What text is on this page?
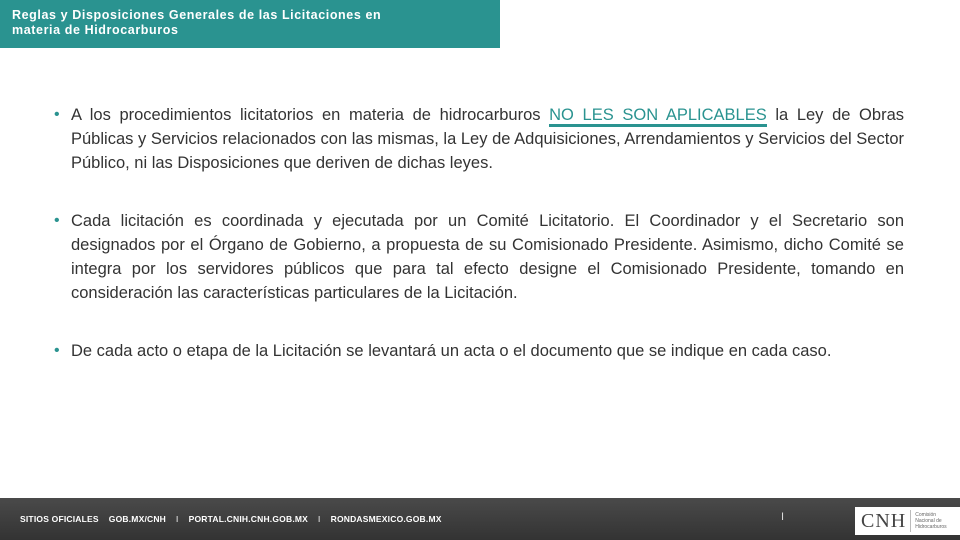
Reglas y Disposiciones Generales de las Licitaciones en
materia de Hidrocarburos
• A los procedimientos licitatorios en materia de hidrocarburos NO LES SON APLICABLES la Ley de Obras Públicas y Servicios relacionados con las mismas, la Ley de Adquisiciones, Arrendamientos y Servicios del Sector Público, ni las Disposiciones que deriven de dichas leyes.
• Cada licitación es coordinada y ejecutada por un Comité Licitatorio. El Coordinador y el Secretario son designados por el Órgano de Gobierno, a propuesta de su Comisionado Presidente. Asimismo, dicho Comité se integra por los servidores públicos que para tal efecto designe el Comisionado Presidente, tomando en consideración las características particulares de la Licitación.
• De cada acto o etapa de la Licitación se levantará un acta o el documento que se indique en cada caso.
SITIOS OFICIALES GOB.MX/CNH I PORTAL.CNIH.CNH.GOB.MX I RONDASMEXICO.GOB.MX	I	CNH	Comisión
Nacional de
Hidrocarburos
